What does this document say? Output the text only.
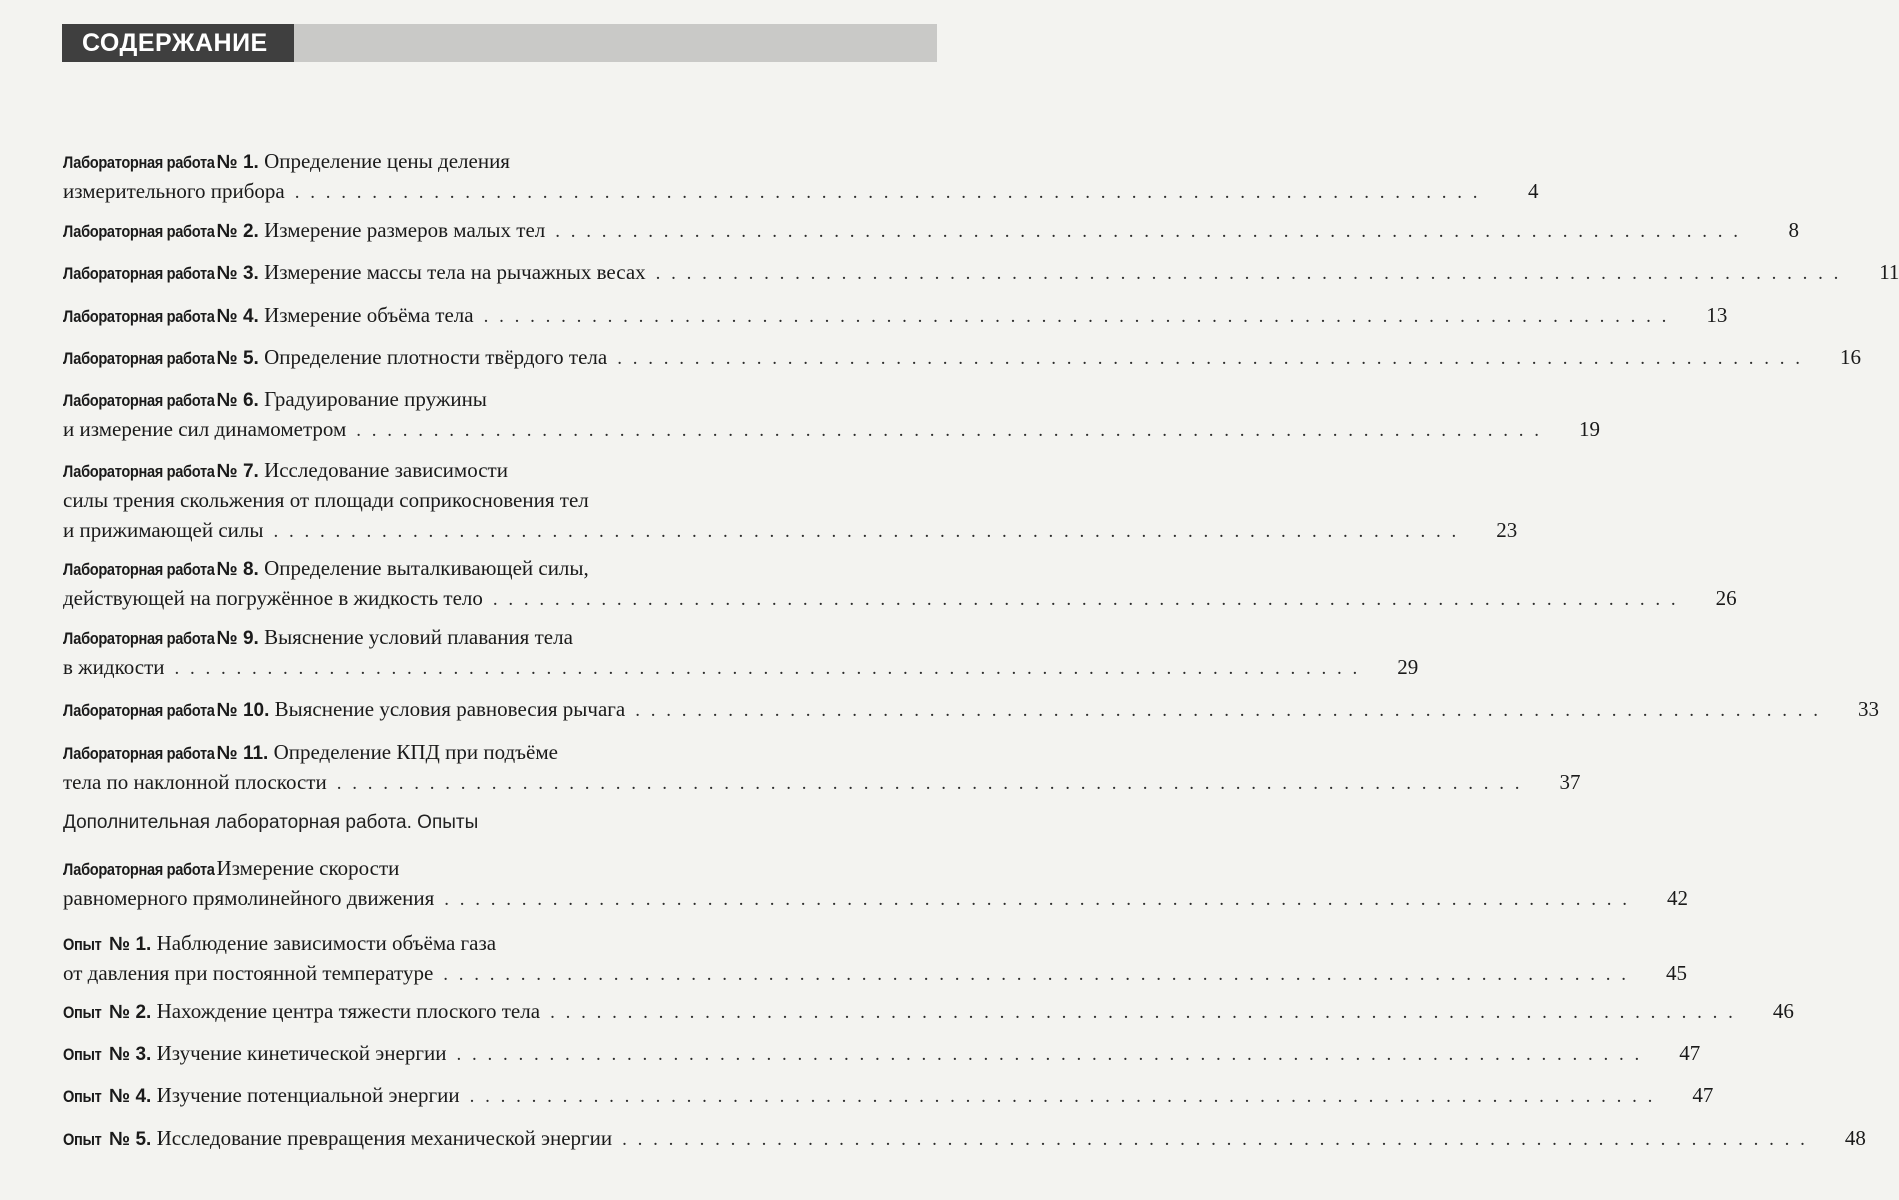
СОДЕРЖАНИЕ
Лабораторная работа № 1. Определение цены деления
измерительного прибора . . . . . . . . . . . . . . . . . . . . . . . . . . . . . . . . . . . . . . . . . . . . . . . . . . . . . . . . . . . . . . . . . . . . . . . . . . . . .	4
Лабораторная работа № 2. Измерение размеров малых тел . . . . . . . . . . . . . . . . . . . . . . . . . . . . . . . . . . . . . . . . . . . . . . . . . . . . . . . . . . . . . . . . . . . . . . . . . . . . .	8
Лабораторная работа № 3. Измерение массы тела на рычажных весах . . . . . . . . . . . . . . . . . . . . . . . . . . . . . . . . . . . . . . . . . . . . . . . . . . . . . . . . . . . . . . . . . . . . . . . . . . . . .	11
Лабораторная работа № 4. Измерение объёма тела . . . . . . . . . . . . . . . . . . . . . . . . . . . . . . . . . . . . . . . . . . . . . . . . . . . . . . . . . . . . . . . . . . . . . . . . . . . . .	13
Лабораторная работа № 5. Определение плотности твёрдого тела . . . . . . . . . . . . . . . . . . . . . . . . . . . . . . . . . . . . . . . . . . . . . . . . . . . . . . . . . . . . . . . . . . . . . . . . . . . . .	16
Лабораторная работа № 6. Градуирование пружины
и измерение сил динамометром . . . . . . . . . . . . . . . . . . . . . . . . . . . . . . . . . . . . . . . . . . . . . . . . . . . . . . . . . . . . . . . . . . . . . . . . . . . . .	19
Лабораторная работа № 7. Исследование зависимости
силы трения скольжения от площади соприкосновения тел
и прижимающей силы . . . . . . . . . . . . . . . . . . . . . . . . . . . . . . . . . . . . . . . . . . . . . . . . . . . . . . . . . . . . . . . . . . . . . . . . . . . . .	23
Лабораторная работа № 8. Определение выталкивающей силы,
действующей на погружённое в жидкость тело . . . . . . . . . . . . . . . . . . . . . . . . . . . . . . . . . . . . . . . . . . . . . . . . . . . . . . . . . . . . . . . . . . . . . . . . . . . . .	26
Лабораторная работа № 9. Выяснение условий плавания тела
в жидкости . . . . . . . . . . . . . . . . . . . . . . . . . . . . . . . . . . . . . . . . . . . . . . . . . . . . . . . . . . . . . . . . . . . . . . . . . . . . .	29
Лабораторная работа № 10. Выяснение условия равновесия рычага . . . . . . . . . . . . . . . . . . . . . . . . . . . . . . . . . . . . . . . . . . . . . . . . . . . . . . . . . . . . . . . . . . . . . . . . . . . . .	33
Лабораторная работа № 11. Определение КПД при подъёме
тела по наклонной плоскости . . . . . . . . . . . . . . . . . . . . . . . . . . . . . . . . . . . . . . . . . . . . . . . . . . . . . . . . . . . . . . . . . . . . . . . . . . . . .	37
Лабораторная работа Измерение скорости
равномерного прямолинейного движения . . . . . . . . . . . . . . . . . . . . . . . . . . . . . . . . . . . . . . . . . . . . . . . . . . . . . . . . . . . . . . . . . . . . . . . . . . . . .	42
Опыт № 1. Наблюдение зависимости объёма газа
от давления при постоянной температуре . . . . . . . . . . . . . . . . . . . . . . . . . . . . . . . . . . . . . . . . . . . . . . . . . . . . . . . . . . . . . . . . . . . . . . . . . . . . .	45
Опыт № 2. Нахождение центра тяжести плоского тела . . . . . . . . . . . . . . . . . . . . . . . . . . . . . . . . . . . . . . . . . . . . . . . . . . . . . . . . . . . . . . . . . . . . . . . . . . . . .	46
Опыт № 3. Изучение кинетической энергии . . . . . . . . . . . . . . . . . . . . . . . . . . . . . . . . . . . . . . . . . . . . . . . . . . . . . . . . . . . . . . . . . . . . . . . . . . . . .	47
Опыт № 4. Изучение потенциальной энергии . . . . . . . . . . . . . . . . . . . . . . . . . . . . . . . . . . . . . . . . . . . . . . . . . . . . . . . . . . . . . . . . . . . . . . . . . . . . .	47
Опыт № 5. Исследование превращения механической энергии . . . . . . . . . . . . . . . . . . . . . . . . . . . . . . . . . . . . . . . . . . . . . . . . . . . . . . . . . . . . . . . . . . . . . . . . . . . . .	48
Дополнительная лабораторная работа. Опыты
